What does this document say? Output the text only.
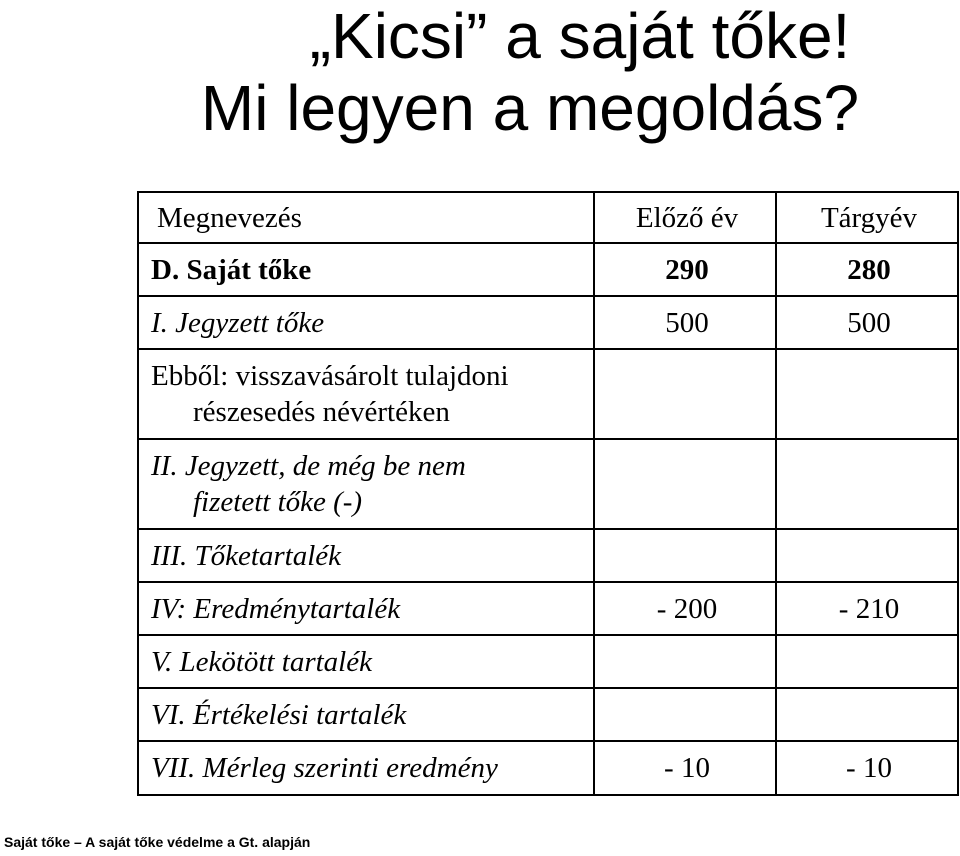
„Kicsi” a saját tőke!
Mi legyen a megoldás?
Megnevezés	Előző év	Tárgyév
D. Saját tőke	290	280
I. Jegyzett tőke	500	500

Ebből: visszavásárolt tulajdoni
részesedés névértéken		

II. Jegyzett, de még be nem
fizetett tőke (-)		

III. Tőketartalék		
IV: Eredménytartalék	- 200	- 210
V. Lekötött tartalék		
VI. Értékelési tartalék		
VII. Mérleg szerinti eredmény	- 10	- 10
Saját tőke – A saját tőke védelme a Gt. alapján
